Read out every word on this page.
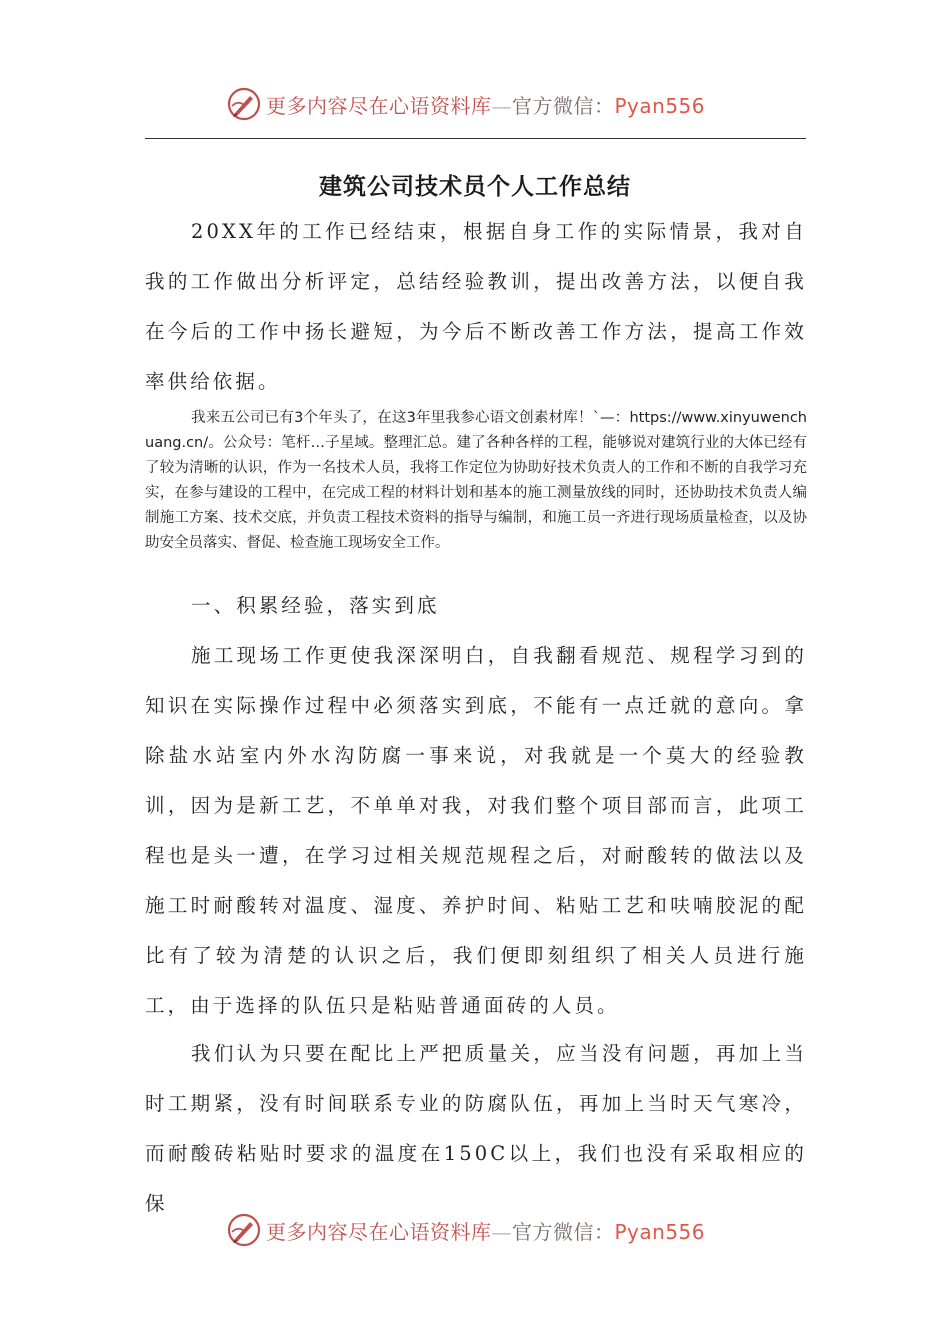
更多内容尽在心语资料库—官方微信：Pyan556
建筑公司技术员个人工作总结

20XX年的工作已经结束，根据自身工作的实际情景，我对自我的工作做出分析评定，总结经验教训，提出改善方法，以便自我在今后的工作中扬长避短，为今后不断改善工作方法，提高工作效率供给依据。

我来五公司已有3个年头了，在这3年里我参心语文创素材库！`—：https://www.xinyuwenchuang.cn/。公众号：笔杆…子星域。整理汇总。建了各种各样的工程，能够说对建筑行业的大体已经有了较为清晰的认识，作为一名技术人员，我将工作定位为协助好技术负责人的工作和不断的自我学习充实，在参与建设的工程中，在完成工程的材料计划和基本的施工测量放线的同时，还协助技术负责人编制施工方案、技术交底，并负责工程技术资料的指导与编制，和施工员一齐进行现场质量检查，以及协助安全员落实、督促、检查施工现场安全工作。

一、积累经验，落实到底

施工现场工作更使我深深明白，自我翻看规范、规程学习到的知识在实际操作过程中必须落实到底，不能有一点迁就的意向。拿除盐水站室内外水沟防腐一事来说，对我就是一个莫大的经验教训，因为是新工艺，不单单对我，对我们整个项目部而言，此项工程也是头一遭，在学习过相关规范规程之后，对耐酸转的做法以及施工时耐酸转对温度、湿度、养护时间、粘贴工艺和呋喃胶泥的配比有了较为清楚的认识之后，我们便即刻组织了相关人员进行施工，由于选择的队伍只是粘贴普通面砖的人员。

我们认为只要在配比上严把质量关，应当没有问题，再加上当时工期紧，没有时间联系专业的防腐队伍，再加上当时天气寒冷，而耐酸砖粘贴时要求的温度在150C以上，我们也没有采取相应的保

更多内容尽在心语资料库—官方微信：Pyan556
